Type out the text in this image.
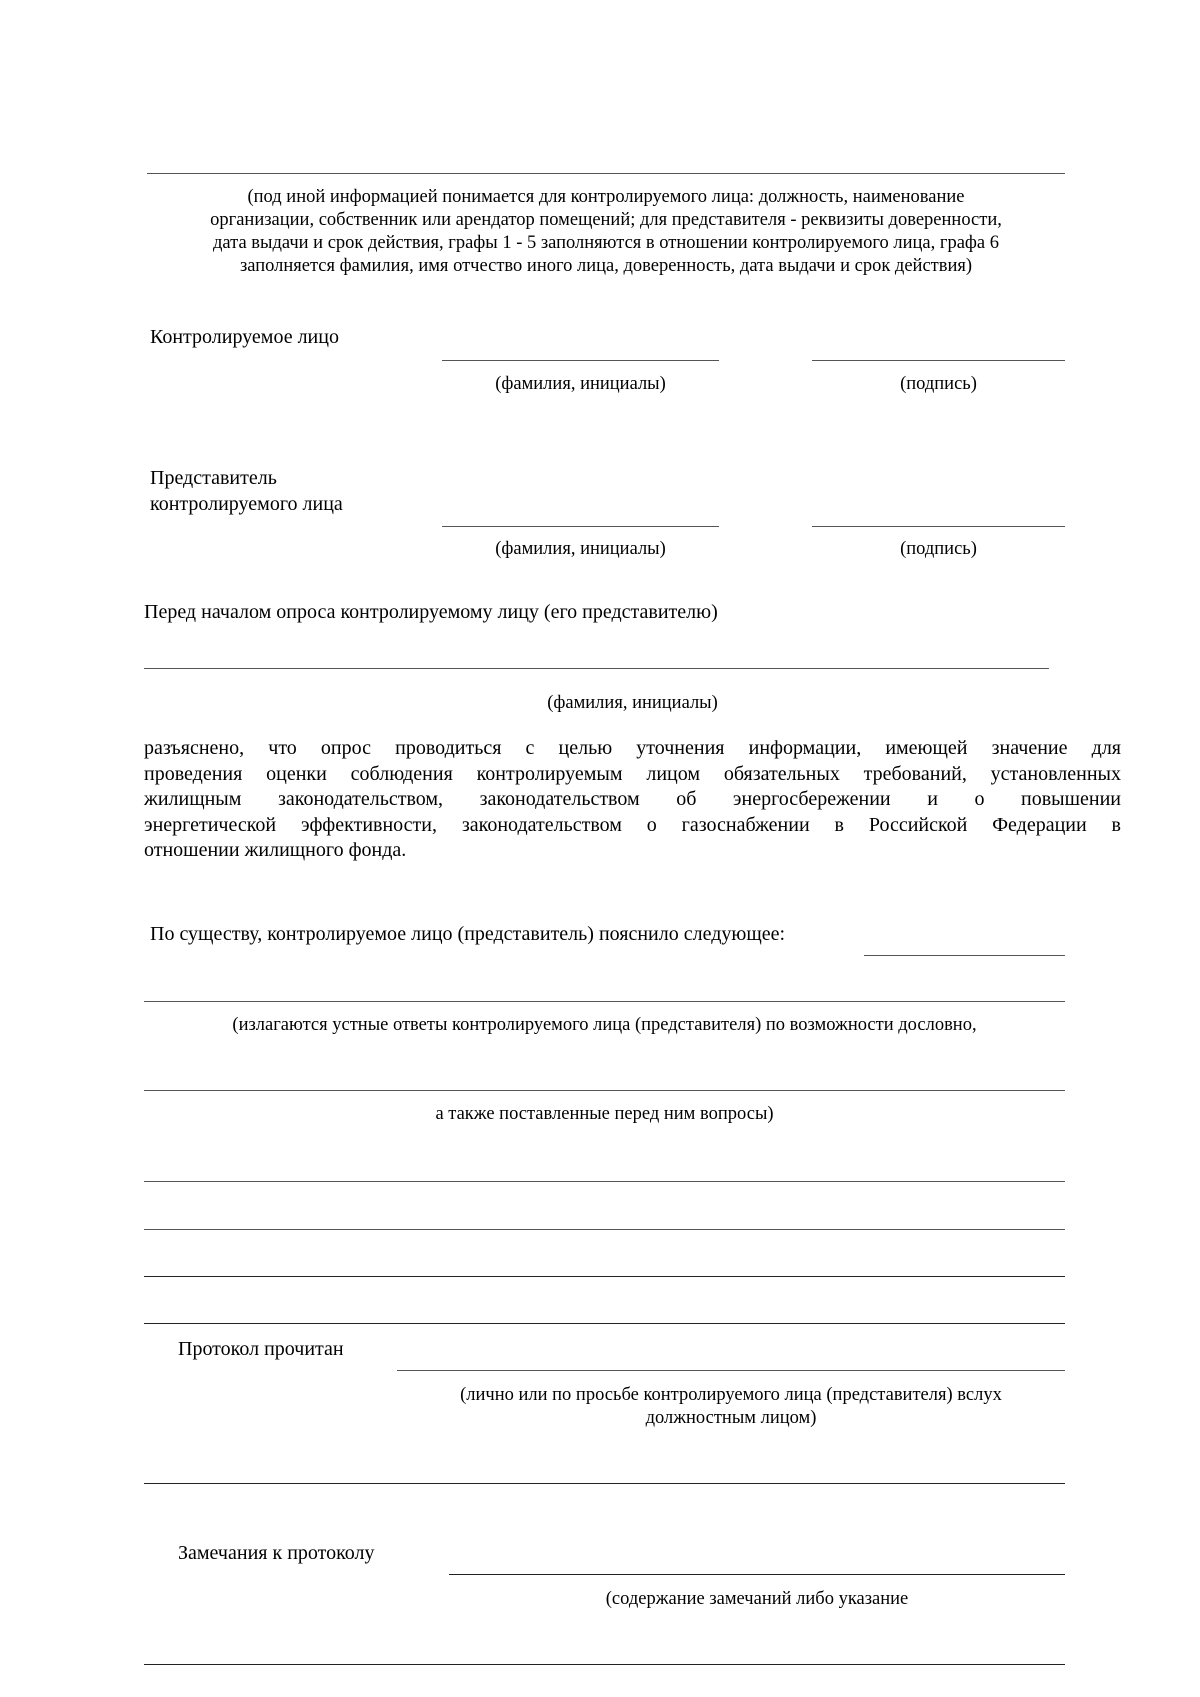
(под иной информацией понимается для контролируемого лица: должность, наименование
организации, собственник или арендатор помещений; для представителя - реквизиты доверенности,
дата выдачи и срок действия, графы 1 - 5 заполняются в отношении контролируемого лица, графа 6
заполняется фамилия, имя отчество иного лица, доверенность, дата выдачи и срок действия)
Контролируемое лицо
(фамилия, инициалы)	(подпись)
Представитель
контролируемого лица
(фамилия, инициалы)	(подпись)
Перед началом опроса контролируемому лицу (его представителю)
(фамилия, инициалы)
разъяснено, что опрос проводиться с целью уточнения информации, имеющей значение для
проведения оценки соблюдения контролируемым лицом обязательных требований, установленных
жилищным законодательством, законодательством об энергосбережении и о повышении
энергетической эффективности, законодательством о газоснабжении в Российской Федерации в
отношении жилищного фонда.
По существу, контролируемое лицо (представитель) пояснило следующее:
(излагаются устные ответы контролируемого лица (представителя) по возможности дословно,
а также поставленные перед ним вопросы)
Протокол прочитан
(лично или по просьбе контролируемого лица (представителя) вслух
должностным лицом)
Замечания к протоколу
(содержание замечаний либо указание
